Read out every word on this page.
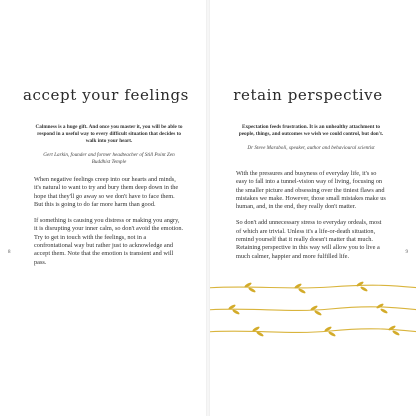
accept your feelings

Calmness is a huge gift. And once you master it, you will be able to respond in a useful way to every difficult situation that decides to walk into your heart.

Gert Larkin, founder and former headteacher of Still Point Zen Buddhist Temple

When negative feelings creep into our hearts and minds, it's natural to want to try and bury them deep down in the hope that they'll go away so we don't have to face them. But this is going to do far more harm than good.

If something is causing you distress or making you angry, it is disrupting your inner calm, so don't avoid the emotion. Try to get in touch with the feelings, not in a confrontational way but rather just to acknowledge and accept them. Note that the emotion is transient and will pass.

8
retain perspective

Expectation feeds frustration. It is an unhealthy attachment to people, things, and outcomes we wish we could control, but don't.

Dr Steve Maraboli, speaker, author and behavioural scientist

With the pressures and busyness of everyday life, it's so easy to fall into a tunnel-vision way of living, focusing on the smaller picture and obsessing over the tiniest flaws and mistakes we make. However, those small mistakes make us human, and, in the end, they really don't matter.

So don't add unnecessary stress to everyday ordeals, most of which are trivial. Unless it's a life-or-death situation, remind yourself that it really doesn't matter that much. Retaining perspective in this way will allow you to live a much calmer, happier and more fulfilled life.

9
